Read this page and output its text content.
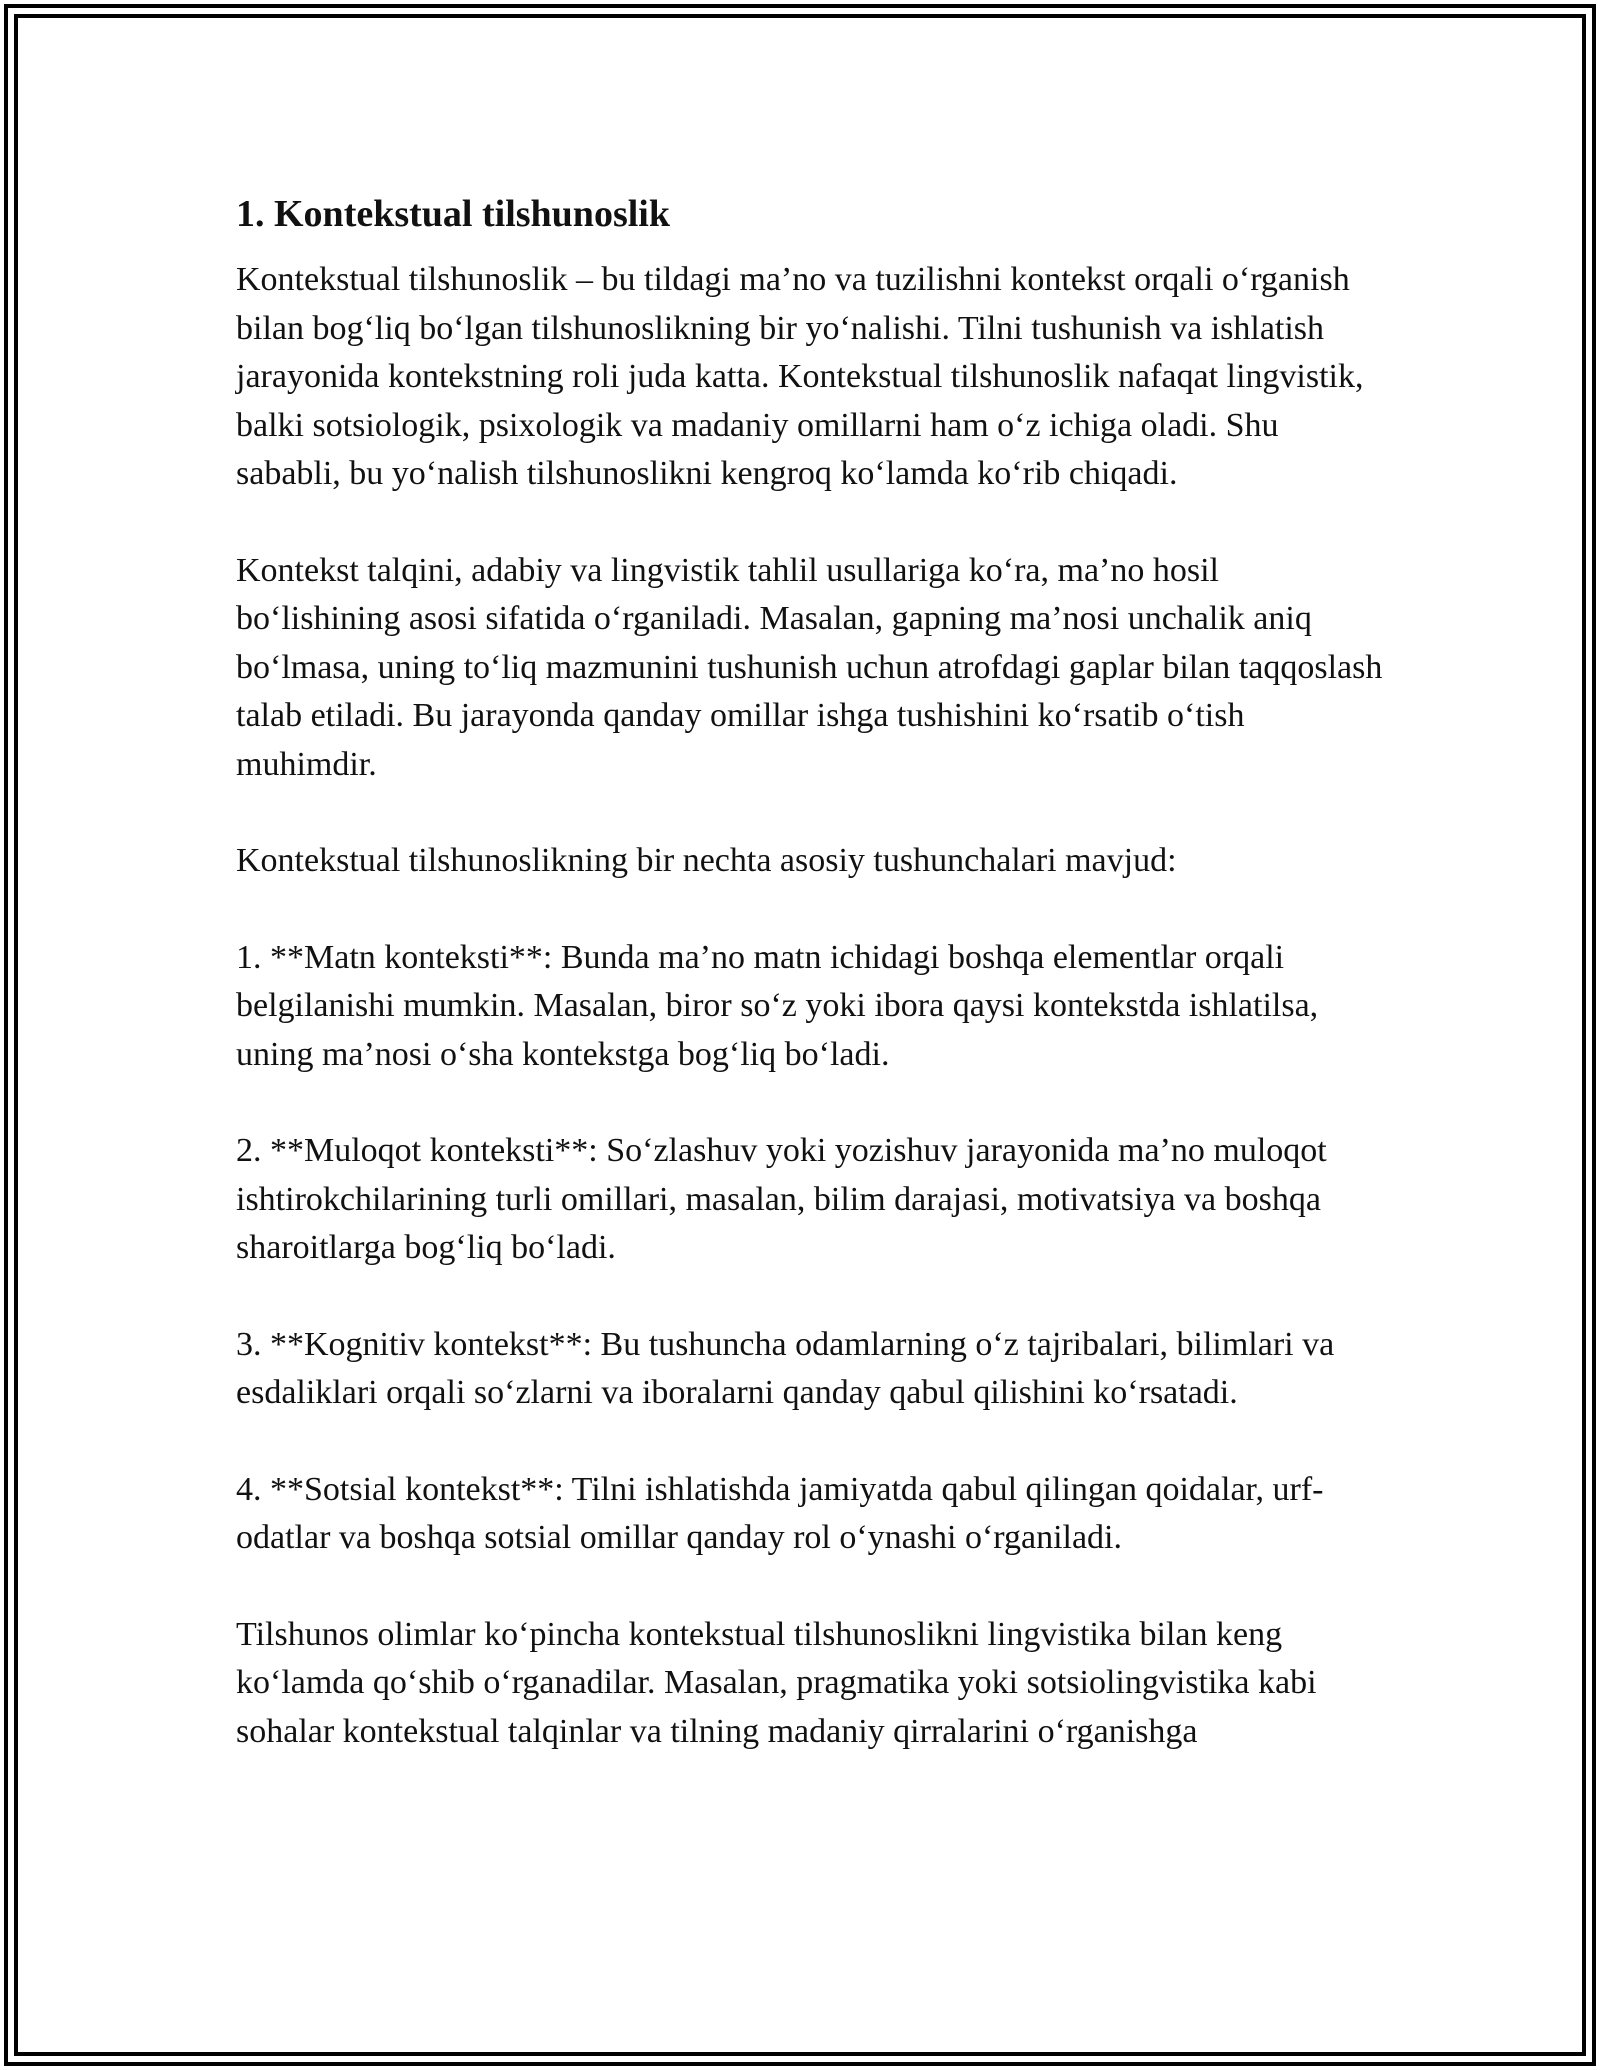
1. Kontekstual tilshunoslik

Kontekstual tilshunoslik – bu tildagi ma’no va tuzilishni kontekst orqali o‘rganish bilan bog‘liq bo‘lgan tilshunoslikning bir yo‘nalishi. Tilni tushunish va ishlatish jarayonida kontekstning roli juda katta. Kontekstual tilshunoslik nafaqat lingvistik, balki sotsiologik, psixologik va madaniy omillarni ham o‘z ichiga oladi. Shu sababli, bu yo‘nalish tilshunoslikni kengroq ko‘lamda ko‘rib chiqadi.

Kontekst talqini, adabiy va lingvistik tahlil usullariga ko‘ra, ma’no hosil bo‘lishining asosi sifatida o‘rganiladi. Masalan, gapning ma’nosi unchalik aniq bo‘lmasa, uning to‘liq mazmunini tushunish uchun atrofdagi gaplar bilan taqqoslash talab etiladi. Bu jarayonda qanday omillar ishga tushishini ko‘rsatib o‘tish muhimdir.

Kontekstual tilshunoslikning bir nechta asosiy tushunchalari mavjud:

1. **Matn konteksti**: Bunda ma’no matn ichidagi boshqa elementlar orqali belgilanishi mumkin. Masalan, biror so‘z yoki ibora qaysi kontekstda ishlatilsa, uning ma’nosi o‘sha kontekstga bog‘liq bo‘ladi.

2. **Muloqot konteksti**: So‘zlashuv yoki yozishuv jarayonida ma’no muloqot ishtirokchilarining turli omillari, masalan, bilim darajasi, motivatsiya va boshqa sharoitlarga bog‘liq bo‘ladi.

3. **Kognitiv kontekst**: Bu tushuncha odamlarning o‘z tajribalari, bilimlari va esdaliklari orqali so‘zlarni va iboralarni qanday qabul qilishini ko‘rsatadi.

4. **Sotsial kontekst**: Tilni ishlatishda jamiyatda qabul qilingan qoidalar, urf-odatlar va boshqa sotsial omillar qanday rol o‘ynashi o‘rganiladi.

Tilshunos olimlar ko‘pincha kontekstual tilshunoslikni lingvistika bilan keng ko‘lamda qo‘shib o‘rganadilar. Masalan, pragmatika yoki sotsiolingvistika kabi sohalar kontekstual talqinlar va tilning madaniy qirralarini o‘rganishga
